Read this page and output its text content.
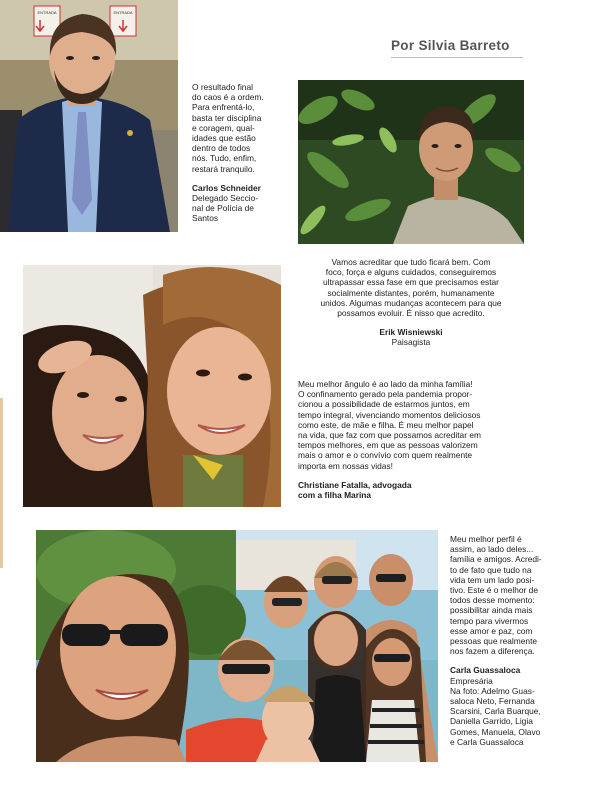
Por Silvia Barreto
ENTRADA	ENTRADA

O resultado final

do caos é a ordem.

Para enfrentá-lo,

basta ter disciplina

e coragem, qual-

idades que estão

dentro de todos

nós. Tudo, enfim,

restará tranquilo.

Carlos Schneider

Delegado Seccio-

nal de Polícia de

Santos

Vamos acreditar que tudo ficará bem. Com

foco, força e alguns cuidados, conseguiremos

ultrapassar essa fase em que precisamos estar

socialmente distantes, porém, humanamente

unidos. Algumas mudanças acontecem para que

possamos evoluir. É nisso que acredito.

Erik Wisniewski

Paisagista

Meu melhor ângulo é ao lado da minha família!

O confinamento gerado pela pandemia propor-

cionou a possibilidade de estarmos juntos, em

tempo integral, vivenciando momentos deliciosos

como este, de mãe e filha. É meu melhor papel

na vida, que faz com que possamos acreditar em

tempos melhores, em que as pessoas valorizem

mais o amor e o convívio com quem realmente

importa em nossas vidas!

Christiane Fatalla, advogada

com a filha Marina

Meu melhor perfil é

assim, ao lado deles...

família e amigos. Acredi-

to de fato que tudo na

vida tem um lado posi-

tivo. Este é o melhor de

todos desse momento:

possibilitar ainda mais

tempo para vivermos

esse amor e paz, com

pessoas que realmente

nos fazem a diferença.

Carla Guassaloca

Empresária

Na foto: Adelmo Guas-

saloca Neto, Fernanda

Scarsini, Carla Buarque,

Daniella Garrido, Ligia

Gomes, Manuela, Olavo

e Carla Guassaloca
